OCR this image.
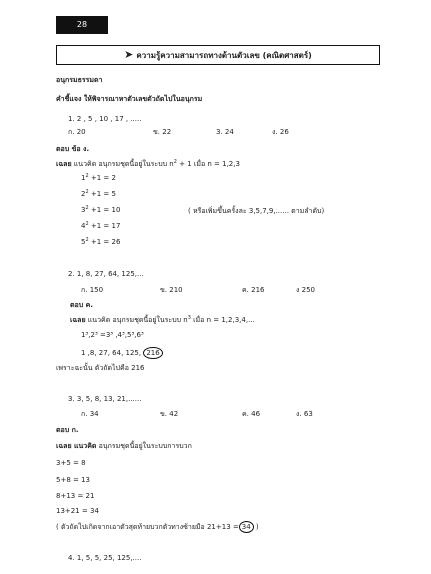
28
➤ ความรู้ความสามารถทางด้านตัวเลข (คณิตศาสตร์)
อนุกรมธรรมดา
คำชี้แจง ให้พิจารณาหาตัวเลขตัวถัดไปในอนุกรม
1. 2 , 5 , 10 , 17 , .....
ก. 20	ข. 22	3. 24	ง. 26
ตอบ ข้อ ง.
เฉลย แนวคิด อนุกรมชุดนี้อยู่ในระบบ $n^2 + 1$ เมื่อ n = 1,2,3
$1^2 +1 = 2$
$2^2 +1 = 5$
$3^2 +1 = 10$
$4^2 +1 = 17$
$5^2 +1 = 26$
( หรือเพิ่มขึ้นครั้งละ 3,5,7,9,...... ตามลำดับ)
2. 1, 8, 27, 64, 125,...
ก. 150	ข. 210	ค. 216	ง 250
ตอบ ค.
เฉลย แนวคิด อนุกรมชุดนี้อยู่ในระบบ $n^3$ เมื่อ n = 1,2,3,4,...
1³,2³ =3³ ,4³,5³,6³
1 ,8, 27, 64, 125, 216
เพราะฉะนั้น ตัวถัดไปคือ 216
3. 3, 5, 8, 13, 21,......
ก. 34	ข. 42	ค. 46	ง. 63
ตอบ ก.
เฉลย แนวคิด อนุกรมชุดนี้อยู่ในระบบการบวก
3+5 = 8
5+8 = 13
8+13 = 21
13+21 = 34
( ตัวถัดไปเกิดจากเอาตัวสุดท้ายบวกตัวทางซ้ายมือ 21+13 = 34 )
4. 1, 5, 5, 25, 125,....
